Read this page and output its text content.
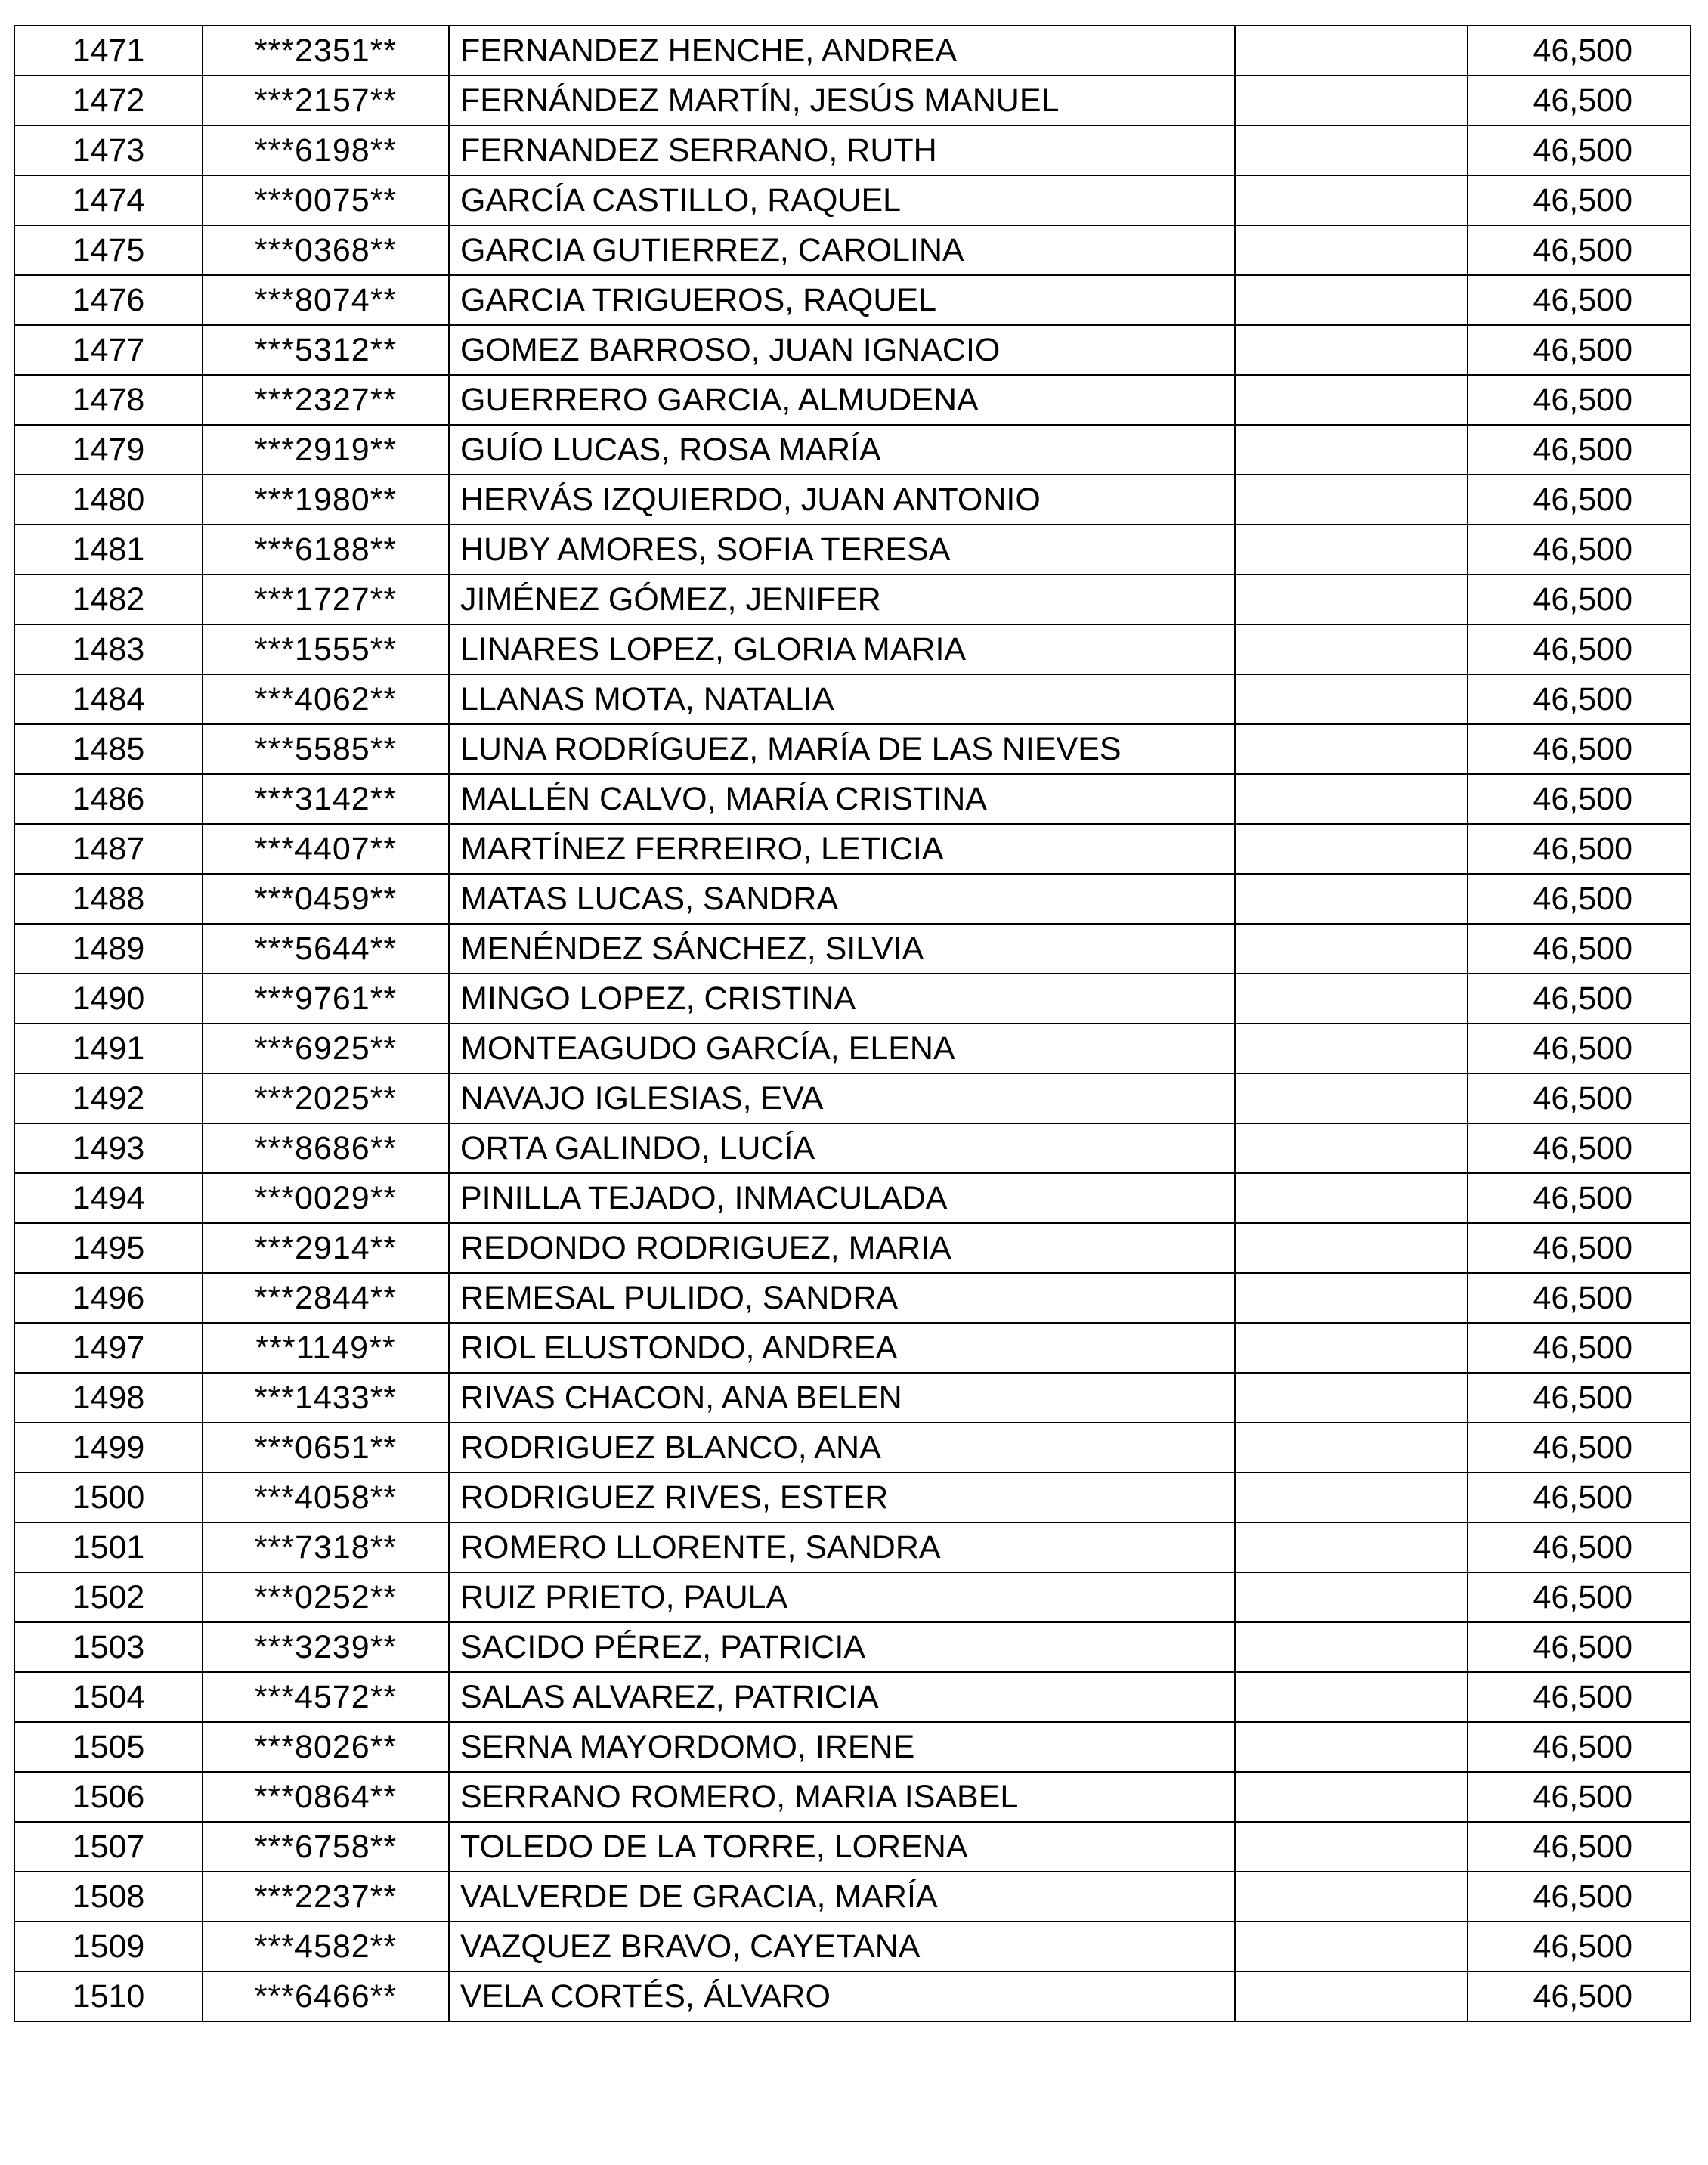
1471	***2351**	FERNANDEZ HENCHE, ANDREA		46,500
1472	***2157**	FERNÁNDEZ MARTÍN, JESÚS MANUEL		46,500
1473	***6198**	FERNANDEZ SERRANO, RUTH		46,500
1474	***0075**	GARCÍA CASTILLO, RAQUEL		46,500
1475	***0368**	GARCIA GUTIERREZ, CAROLINA		46,500
1476	***8074**	GARCIA TRIGUEROS, RAQUEL		46,500
1477	***5312**	GOMEZ BARROSO, JUAN IGNACIO		46,500
1478	***2327**	GUERRERO GARCIA, ALMUDENA		46,500
1479	***2919**	GUÍO LUCAS, ROSA MARÍA		46,500
1480	***1980**	HERVÁS IZQUIERDO, JUAN ANTONIO		46,500
1481	***6188**	HUBY AMORES, SOFIA TERESA		46,500
1482	***1727**	JIMÉNEZ GÓMEZ, JENIFER		46,500
1483	***1555**	LINARES LOPEZ, GLORIA MARIA		46,500
1484	***4062**	LLANAS MOTA, NATALIA		46,500
1485	***5585**	LUNA RODRÍGUEZ, MARÍA DE LAS NIEVES		46,500
1486	***3142**	MALLÉN CALVO, MARÍA CRISTINA		46,500
1487	***4407**	MARTÍNEZ FERREIRO, LETICIA		46,500
1488	***0459**	MATAS LUCAS, SANDRA		46,500
1489	***5644**	MENÉNDEZ SÁNCHEZ, SILVIA		46,500
1490	***9761**	MINGO LOPEZ, CRISTINA		46,500
1491	***6925**	MONTEAGUDO GARCÍA, ELENA		46,500
1492	***2025**	NAVAJO IGLESIAS, EVA		46,500
1493	***8686**	ORTA GALINDO, LUCÍA		46,500
1494	***0029**	PINILLA TEJADO, INMACULADA		46,500
1495	***2914**	REDONDO RODRIGUEZ, MARIA		46,500
1496	***2844**	REMESAL PULIDO, SANDRA		46,500
1497	***1149**	RIOL ELUSTONDO, ANDREA		46,500
1498	***1433**	RIVAS CHACON, ANA BELEN		46,500
1499	***0651**	RODRIGUEZ BLANCO, ANA		46,500
1500	***4058**	RODRIGUEZ RIVES, ESTER		46,500
1501	***7318**	ROMERO LLORENTE, SANDRA		46,500
1502	***0252**	RUIZ PRIETO, PAULA		46,500
1503	***3239**	SACIDO PÉREZ, PATRICIA		46,500
1504	***4572**	SALAS ALVAREZ, PATRICIA		46,500
1505	***8026**	SERNA MAYORDOMO, IRENE		46,500
1506	***0864**	SERRANO ROMERO, MARIA ISABEL		46,500
1507	***6758**	TOLEDO DE LA TORRE, LORENA		46,500
1508	***2237**	VALVERDE DE GRACIA, MARÍA		46,500
1509	***4582**	VAZQUEZ BRAVO, CAYETANA		46,500
1510	***6466**	VELA CORTÉS, ÁLVARO		46,500
